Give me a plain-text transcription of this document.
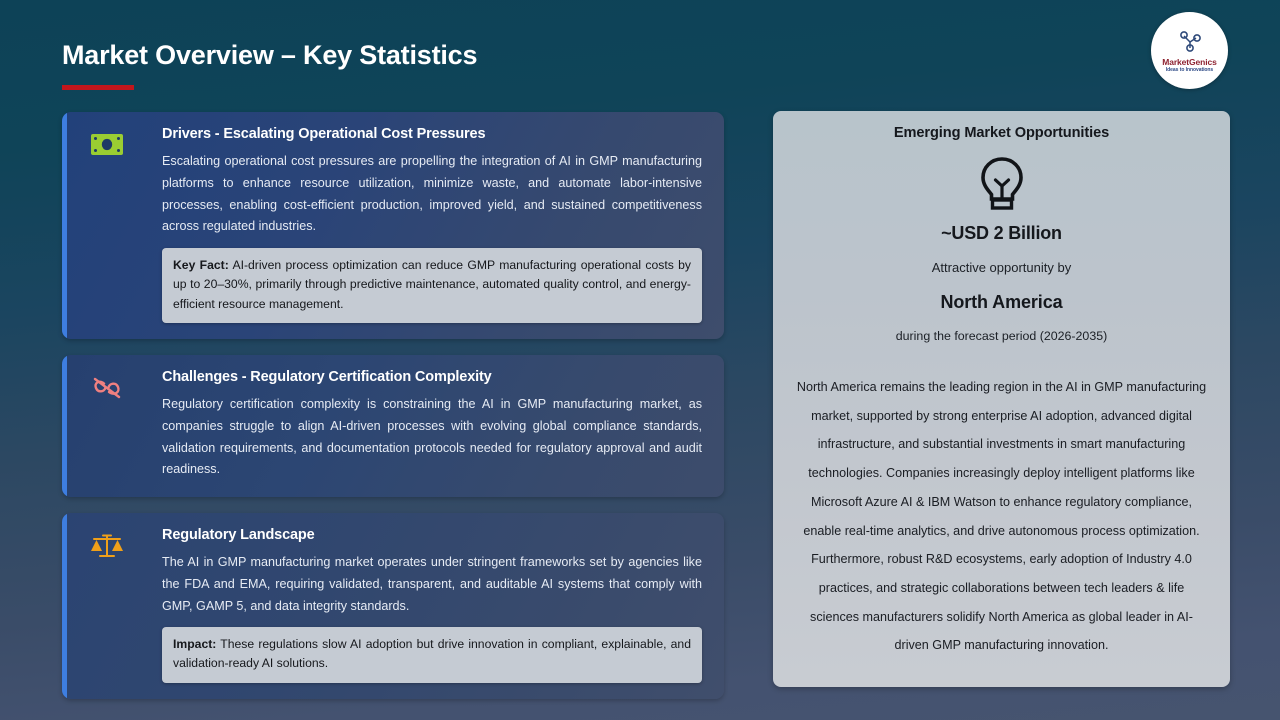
Market Overview – Key Statistics	MarketGenics
Ideas to Innovations
Drivers - Escalating Operational Cost Pressures
Escalating operational cost pressures are propelling the integration of AI in GMP manufacturing platforms to enhance resource utilization, minimize waste, and automate labor-intensive processes, enabling cost-efficient production, improved yield, and sustained competitiveness across regulated industries.
Key Fact: AI-driven process optimization can reduce GMP manufacturing operational costs by up to 20–30%, primarily through predictive maintenance, automated quality control, and energy-efficient resource management.
Challenges - Regulatory Certification Complexity
Regulatory certification complexity is constraining the AI in GMP manufacturing market, as companies struggle to align AI-driven processes with evolving global compliance standards, validation requirements, and documentation protocols needed for regulatory approval and audit readiness.
Regulatory Landscape
The AI in GMP manufacturing market operates under stringent frameworks set by agencies like the FDA and EMA, requiring validated, transparent, and auditable AI systems that comply with GMP, GAMP 5, and data integrity standards.
Impact: These regulations slow AI adoption but drive innovation in compliant, explainable, and validation-ready AI solutions.
Emerging Market Opportunities
~USD 2 Billion
Attractive opportunity by
North America
during the forecast period (2026-2035)
North America remains the leading region in the AI in GMP manufacturing market, supported by strong enterprise AI adoption, advanced digital infrastructure, and substantial investments in smart manufacturing technologies. Companies increasingly deploy intelligent platforms like Microsoft Azure AI & IBM Watson to enhance regulatory compliance, enable real-time analytics, and drive autonomous process optimization. Furthermore, robust R&D ecosystems, early adoption of Industry 4.0 practices, and strategic collaborations between tech leaders & life sciences manufacturers solidify North America as global leader in AI-driven GMP manufacturing innovation.
